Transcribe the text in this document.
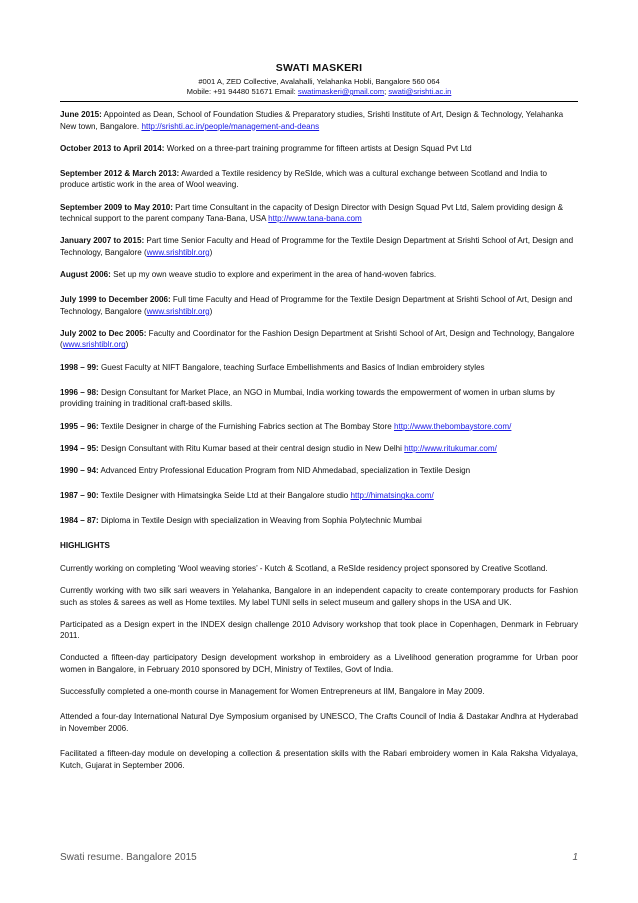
SWATI MASKERI

#001 A, ZED Collective, Avalahalli, Yelahanka Hobli, Bangalore 560 064

Mobile: +91 94480 51671 Email: swatimaskeri@gmail.com; swati@srishti.ac.in

June 2015: Appointed as Dean, School of Foundation Studies & Preparatory studies, Srishti Institute of Art, Design & Technology, Yelahanka New town, Bangalore. http://srishti.ac.in/people/management-and-deans

October 2013 to April 2014: Worked on a three-part training programme for fifteen artists at Design Squad Pvt Ltd

September 2012 & March 2013: Awarded a Textile residency by ReSIde, which was a cultural exchange between Scotland and India to produce artistic work in the area of Wool weaving.

September 2009 to May 2010: Part time Consultant in the capacity of Design Director with Design Squad Pvt Ltd, Salem providing design & technical support to the parent company Tana-Bana, USA http://www.tana-bana.com

January 2007 to 2015: Part time Senior Faculty and Head of Programme for the Textile Design Department at Srishti School of Art, Design and Technology, Bangalore (www.srishtiblr.org)

August 2006: Set up my own weave studio to explore and experiment in the area of hand-woven fabrics.

July 1999 to December 2006: Full time Faculty and Head of Programme for the Textile Design Department at Srishti School of Art, Design and Technology, Bangalore (www.srishtiblr.org)

July 2002 to Dec 2005: Faculty and Coordinator for the Fashion Design Department at Srishti School of Art, Design and Technology, Bangalore (www.srishtiblr.org)

1998 – 99: Guest Faculty at NIFT Bangalore, teaching Surface Embellishments and Basics of Indian embroidery styles

1996 – 98: Design Consultant for Market Place, an NGO in Mumbai, India working towards the empowerment of women in urban slums by providing training in traditional craft-based skills.

1995 – 96: Textile Designer in charge of the Furnishing Fabrics section at The Bombay Store http://www.thebombaystore.com/

1994 – 95: Design Consultant with Ritu Kumar based at their central design studio in New Delhi http://www.ritukumar.com/

1990 – 94: Advanced Entry Professional Education Program from NID Ahmedabad, specialization in Textile Design

1987 – 90: Textile Designer with Himatsingka Seide Ltd at their Bangalore studio http://himatsingka.com/

1984 – 87: Diploma in Textile Design with specialization in Weaving from Sophia Polytechnic Mumbai

HIGHLIGHTS

Currently working on completing ‘Wool weaving stories’ - Kutch & Scotland, a ReSIde residency project sponsored by Creative Scotland.

Currently working with two silk sari weavers in Yelahanka, Bangalore in an independent capacity to create contemporary products for Fashion such as stoles & sarees as well as Home textiles. My label TUNI sells in select museum and gallery shops in the USA and UK.

Participated as a Design expert in the INDEX design challenge 2010 Advisory workshop that took place in Copenhagen, Denmark in February 2011.

Conducted a fifteen-day participatory Design development workshop in embroidery as a Livelihood generation programme for Urban poor women in Bangalore, in February 2010 sponsored by DCH, Ministry of Textiles, Govt of India.

Successfully completed a one-month course in Management for Women Entrepreneurs at IIM, Bangalore in May 2009.

Attended a four-day International Natural Dye Symposium organised by UNESCO, The Crafts Council of India & Dastakar Andhra at Hyderabad in November 2006.

Facilitated a fifteen-day module on developing a collection & presentation skills with the Rabari embroidery women in Kala Raksha Vidyalaya, Kutch, Gujarat in September 2006.

Swati resume. Bangalore 2015	1
